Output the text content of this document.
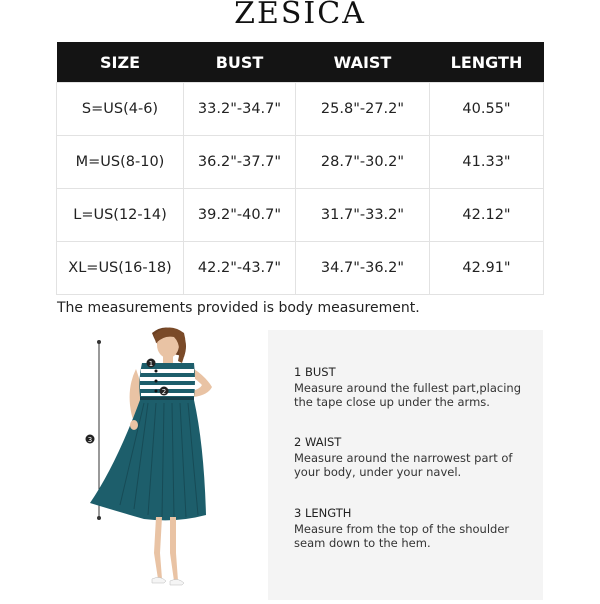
ZESICA
SIZE	BUST	WAIST	LENGTH
S=US(4-6)	33.2"-34.7"	25.8"-27.2"	40.55"
M=US(8-10)	36.2"-37.7"	28.7"-30.2"	41.33"
L=US(12-14)	39.2"-40.7"	31.7"-33.2"	42.12"
XL=US(16-18)	42.2"-43.7"	34.7"-36.2"	42.91"
The measurements provided is body measurement.
1
2
3
1 BUST
Measure around the fullest part,placing the tape close up under the arms.
2 WAIST
Measure around the narrowest part of your body, under your navel.
3 LENGTH
Measure from the top of the shoulder seam down to the hem.
